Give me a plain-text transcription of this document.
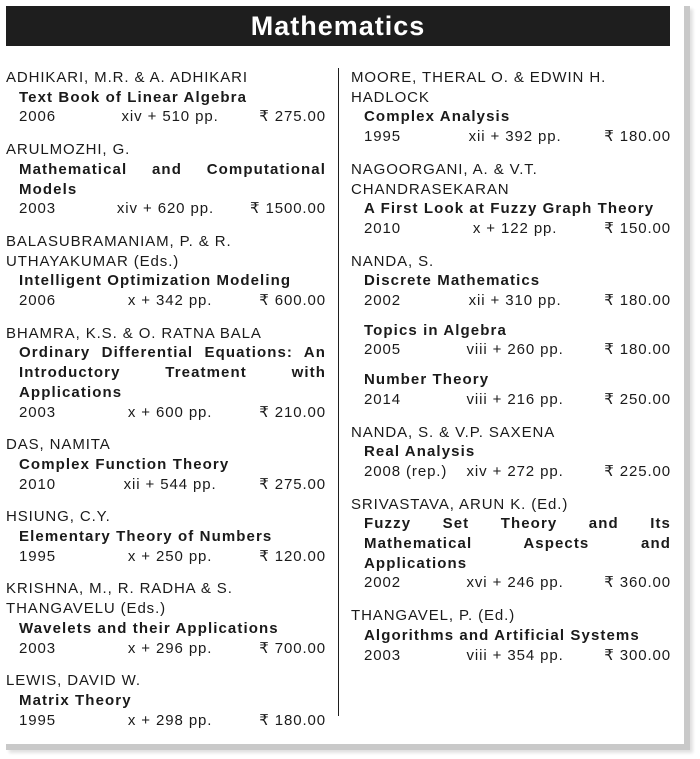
Mathematics
ADHIKARI, M.R. & A. ADHIKARI
Text Book of Linear Algebra
2006	xiv + 510 pp.	₹ 275.00
ARULMOZHI, G.
Mathematical and Computational Models
2003	xiv + 620 pp.	₹ 1500.00
BALASUBRAMANIAM, P. & R. UTHAYAKUMAR (Eds.)
Intelligent Optimization Modeling
2006	x + 342 pp.	₹ 600.00
BHAMRA, K.S. & O. RATNA BALA
Ordinary Differential Equations: An Introductory Treatment with Applications
2003	x + 600 pp.	₹ 210.00
DAS, NAMITA
Complex Function Theory
2010	xii + 544 pp.	₹ 275.00
HSIUNG, C.Y.
Elementary Theory of Numbers
1995	x + 250 pp.	₹ 120.00
KRISHNA, M., R. RADHA & S. THANGAVELU (Eds.)
Wavelets and their Applications
2003	x + 296 pp.	₹ 700.00
LEWIS, DAVID W.
Matrix Theory
1995	x + 298 pp.	₹ 180.00
MOORE, THERAL O. & EDWIN H. HADLOCK
Complex Analysis
1995	xii + 392 pp.	₹ 180.00
NAGOORGANI, A. & V.T. CHANDRASEKARAN
A First Look at Fuzzy Graph Theory
2010	x + 122 pp.	₹ 150.00
NANDA, S.
Discrete Mathematics
2002	xii + 310 pp.	₹ 180.00
Topics in Algebra
2005	viii + 260 pp.	₹ 180.00
Number Theory
2014	viii + 216 pp.	₹ 250.00
NANDA, S. & V.P. SAXENA
Real Analysis
2008 (rep.)	xiv + 272 pp.	₹ 225.00
SRIVASTAVA, ARUN K. (Ed.)
Fuzzy Set Theory and Its Mathematical Aspects and Applications
2002	xvi + 246 pp.	₹ 360.00
THANGAVEL, P. (Ed.)
Algorithms and Artificial Systems
2003	viii + 354 pp.	₹ 300.00
